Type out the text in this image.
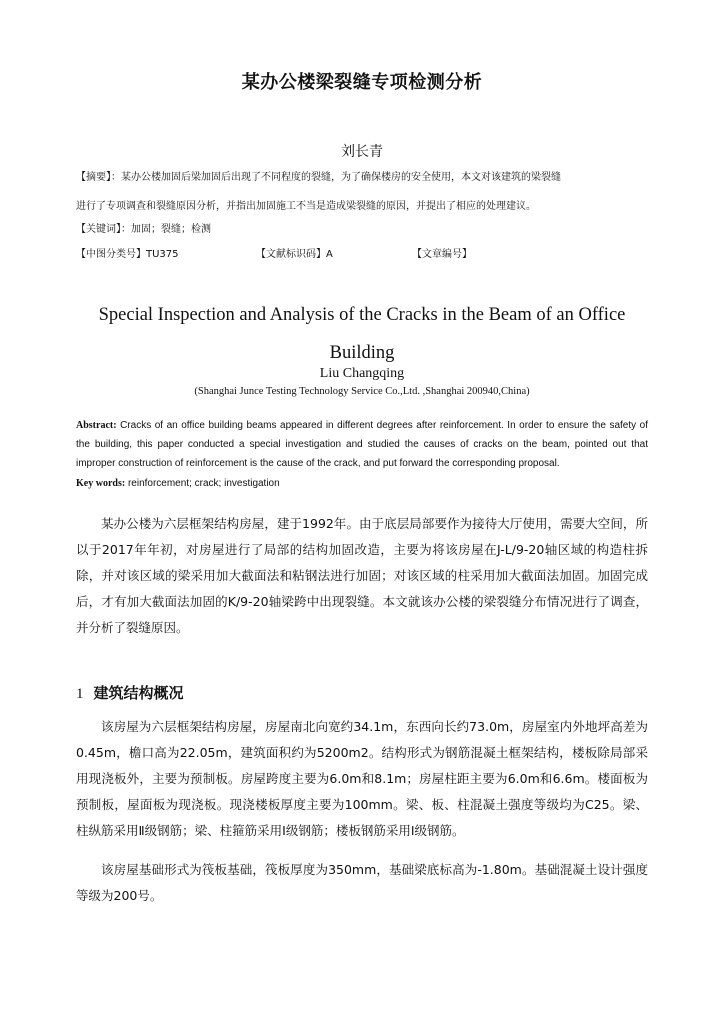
某办公楼梁裂缝专项检测分析
刘长青
【摘要】：某办公楼加固后梁加固后出现了不同程度的裂缝，为了确保楼房的安全使用，本文对该建筑的梁裂缝
进行了专项调查和裂缝原因分析，并指出加固施工不当是造成梁裂缝的原因，并提出了相应的处理建议。
【关键词】：加固；裂缝；检测
【中图分类号】TU375	【文献标识码】A	【文章编号】
Special Inspection and Analysis of the Cracks in the Beam of an Office
Building
Liu Changqing
(Shanghai Junce Testing Technology Service Co.,Ltd. ,Shanghai 200940,China)
Abstract: Cracks of an office building beams appeared in different degrees after reinforcement. In order to ensure the safety of the building, this paper conducted a special investigation and studied the causes of cracks on the beam, pointed out that improper construction of reinforcement is the cause of the crack, and put forward the corresponding proposal.
Key words: reinforcement; crack; investigation
某办公楼为六层框架结构房屋，建于1992年。由于底层局部要作为接待大厅使用，需要大空间，所以于2017年年初，对房屋进行了局部的结构加固改造，主要为将该房屋在J-L/9-20轴区域的构造柱拆除，并对该区域的梁采用加大截面法和粘钢法进行加固；对该区域的柱采用加大截面法加固。加固完成后，才有加大截面法加固的K/9-20轴梁跨中出现裂缝。本文就该办公楼的梁裂缝分布情况进行了调查，并分析了裂缝原因。
1 建筑结构概况
该房屋为六层框架结构房屋，房屋南北向宽约34.1m，东西向长约73.0m，房屋室内外地坪高差为0.45m，檐口高为22.05m，建筑面积约为5200m2。结构形式为钢筋混凝土框架结构，楼板除局部采用现浇板外，主要为预制板。房屋跨度主要为6.0m和8.1m；房屋柱距主要为6.0m和6.6m。楼面板为预制板，屋面板为现浇板。现浇楼板厚度主要为100mm。梁、板、柱混凝土强度等级均为C25。梁、柱纵筋采用Ⅱ级钢筋；梁、柱箍筋采用Ⅰ级钢筋；楼板钢筋采用Ⅰ级钢筋。
该房屋基础形式为筏板基础，筏板厚度为350mm，基础梁底标高为-1.80m。基础混凝土设计强度等级为200号。
